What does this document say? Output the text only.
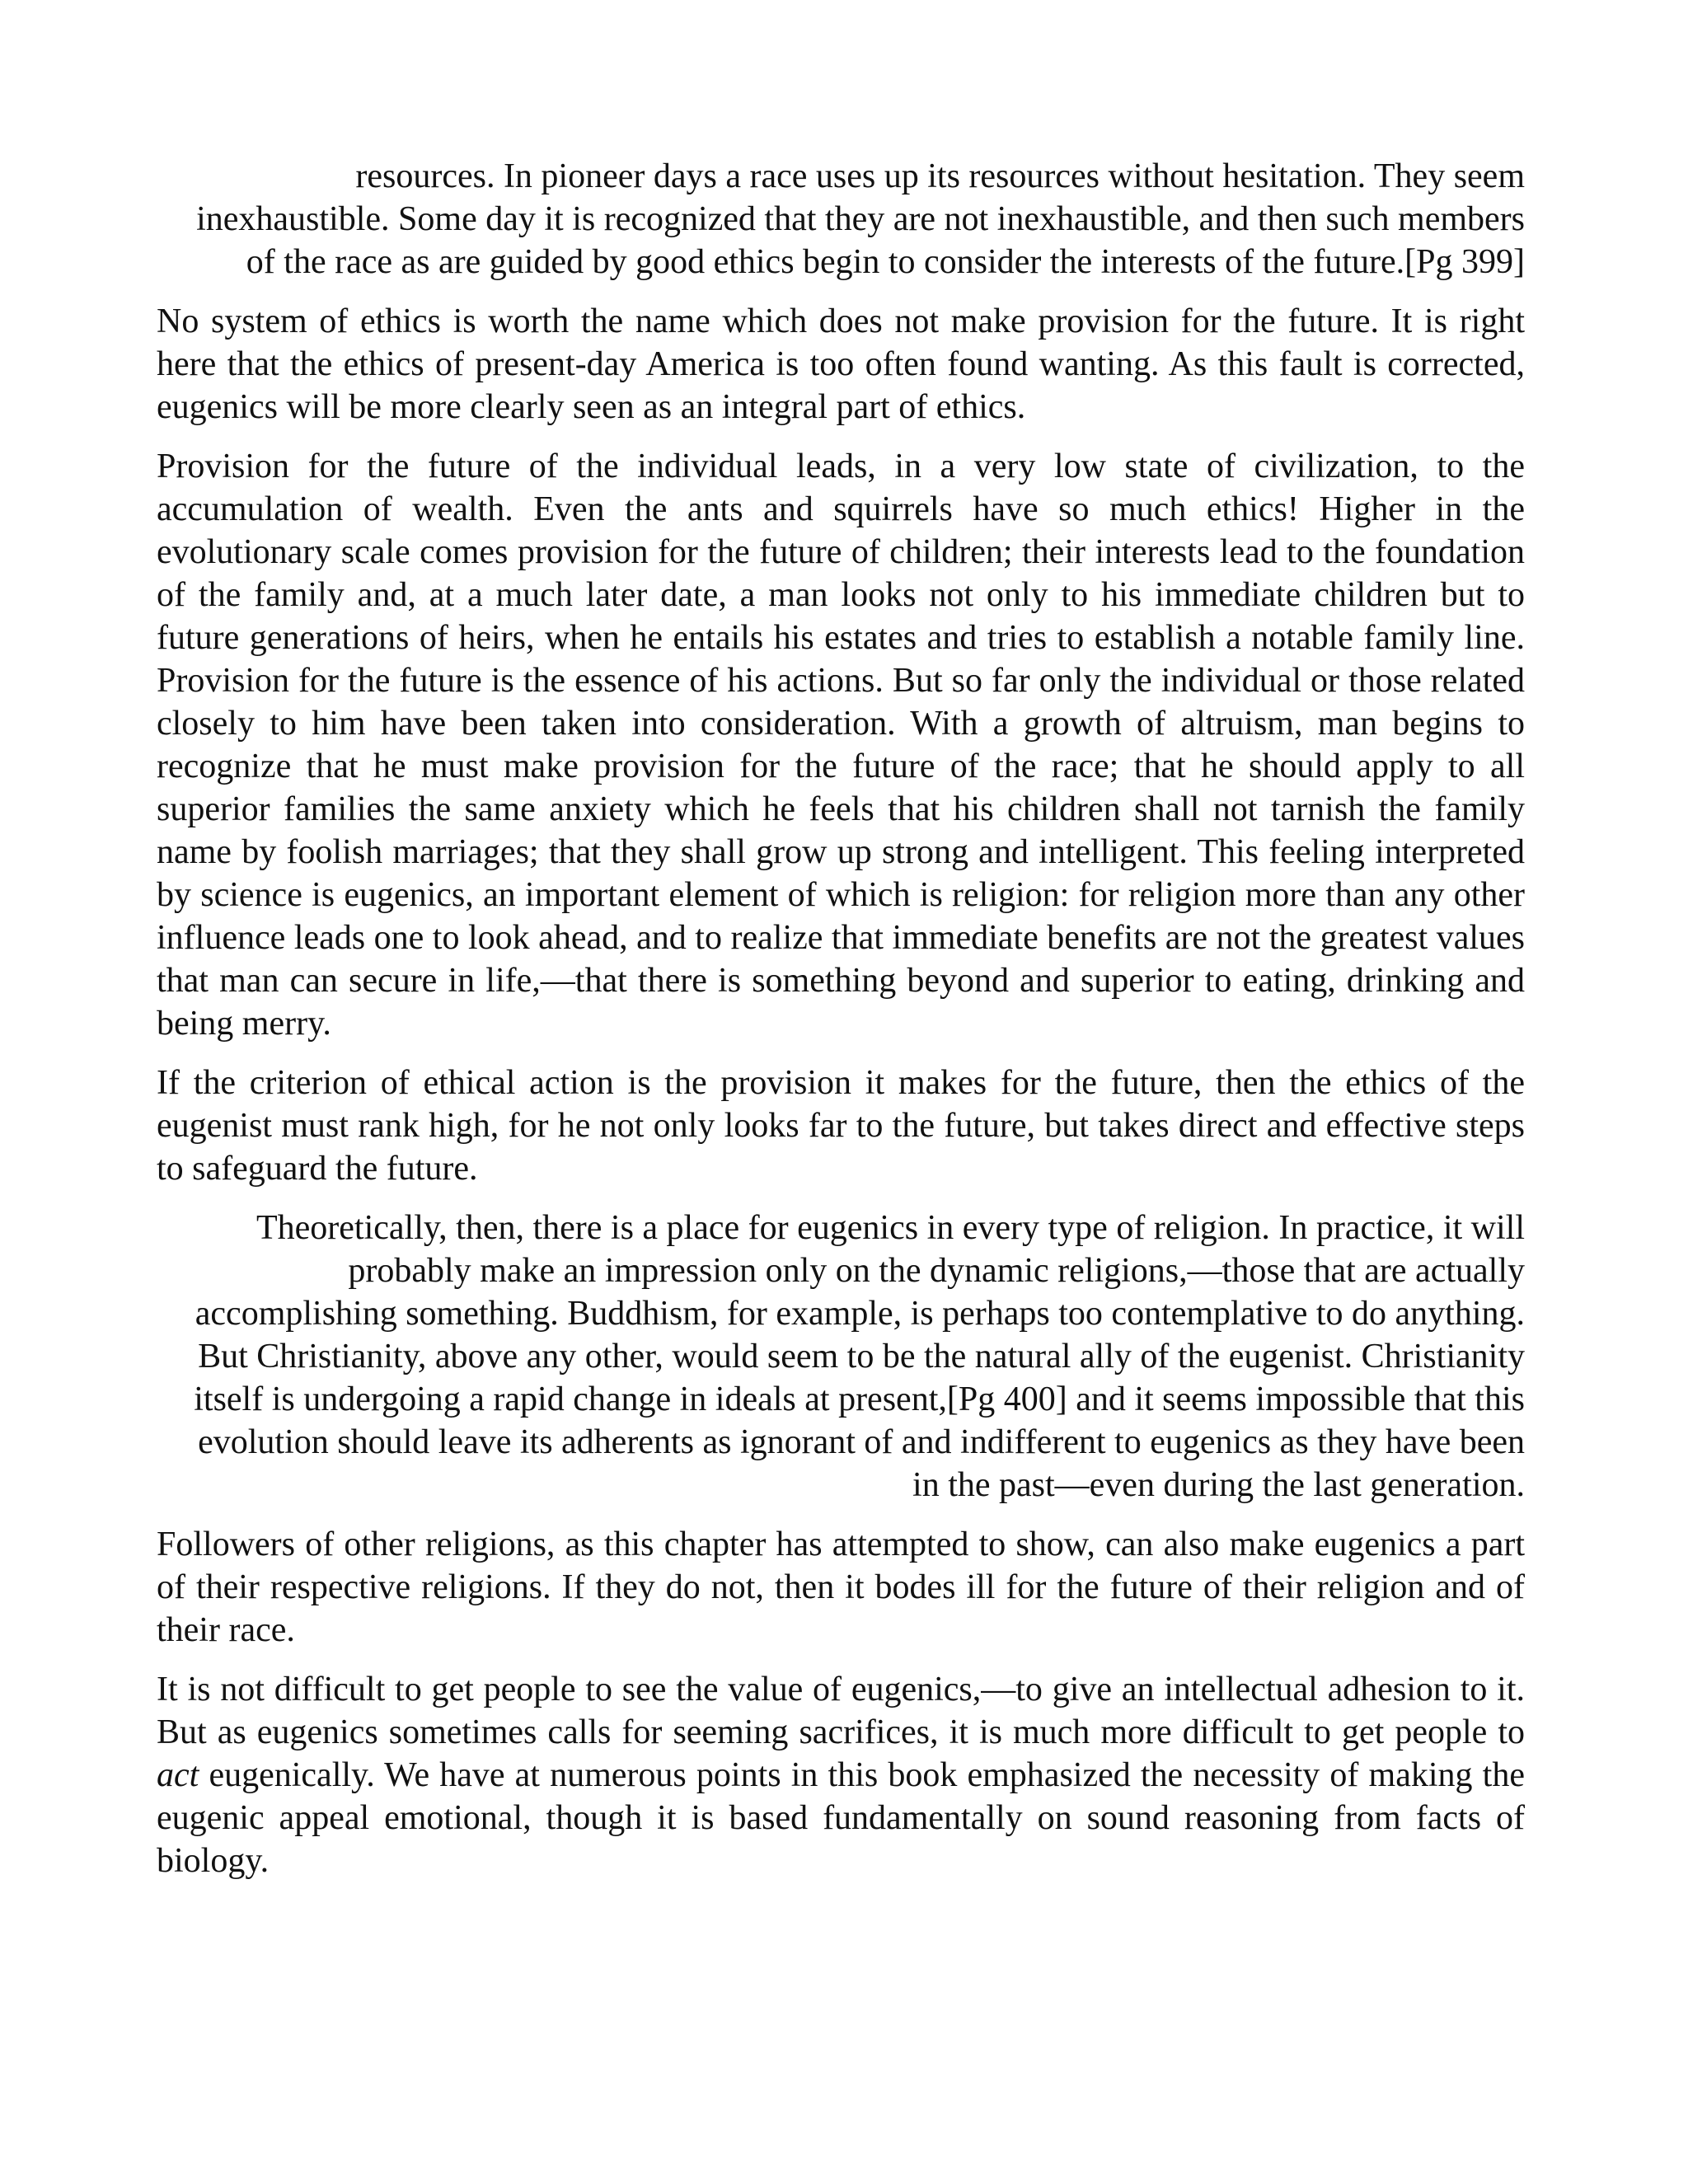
resources. In pioneer days a race uses up its resources without hesitation. They seem inexhaustible. Some day it is recognized that they are not inexhaustible, and then such members of the race as are guided by good ethics begin to consider the interests of the future.[Pg 399]

No system of ethics is worth the name which does not make provision for the future. It is right here that the ethics of present-day America is too often found wanting. As this fault is corrected, eugenics will be more clearly seen as an integral part of ethics.

Provision for the future of the individual leads, in a very low state of civilization, to the accumulation of wealth. Even the ants and squirrels have so much ethics! Higher in the evolutionary scale comes provision for the future of children; their interests lead to the foundation of the family and, at a much later date, a man looks not only to his immediate children but to future generations of heirs, when he entails his estates and tries to establish a notable family line. Provision for the future is the essence of his actions. But so far only the individual or those related closely to him have been taken into consideration. With a growth of altruism, man begins to recognize that he must make provision for the future of the race; that he should apply to all superior families the same anxiety which he feels that his children shall not tarnish the family name by foolish marriages; that they shall grow up strong and intelligent. This feeling interpreted by science is eugenics, an important element of which is religion: for religion more than any other influence leads one to look ahead, and to realize that immediate benefits are not the greatest values that man can secure in life,—that there is something beyond and superior to eating, drinking and being merry.

If the criterion of ethical action is the provision it makes for the future, then the ethics of the eugenist must rank high, for he not only looks far to the future, but takes direct and effective steps to safeguard the future.

Theoretically, then, there is a place for eugenics in every type of religion. In practice, it will probably make an impression only on the dynamic religions,—those that are actually accomplishing something. Buddhism, for example, is perhaps too contemplative to do anything. But Christianity, above any other, would seem to be the natural ally of the eugenist. Christianity itself is undergoing a rapid change in ideals at present,[Pg 400] and it seems impossible that this evolution should leave its adherents as ignorant of and indifferent to eugenics as they have been in the past—even during the last generation.

Followers of other religions, as this chapter has attempted to show, can also make eugenics a part of their respective religions. If they do not, then it bodes ill for the future of their religion and of their race.

It is not difficult to get people to see the value of eugenics,—to give an intellectual adhesion to it. But as eugenics sometimes calls for seeming sacrifices, it is much more difficult to get people to act eugenically. We have at numerous points in this book emphasized the necessity of making the eugenic appeal emotional, though it is based fundamentally on sound reasoning from facts of biology.
